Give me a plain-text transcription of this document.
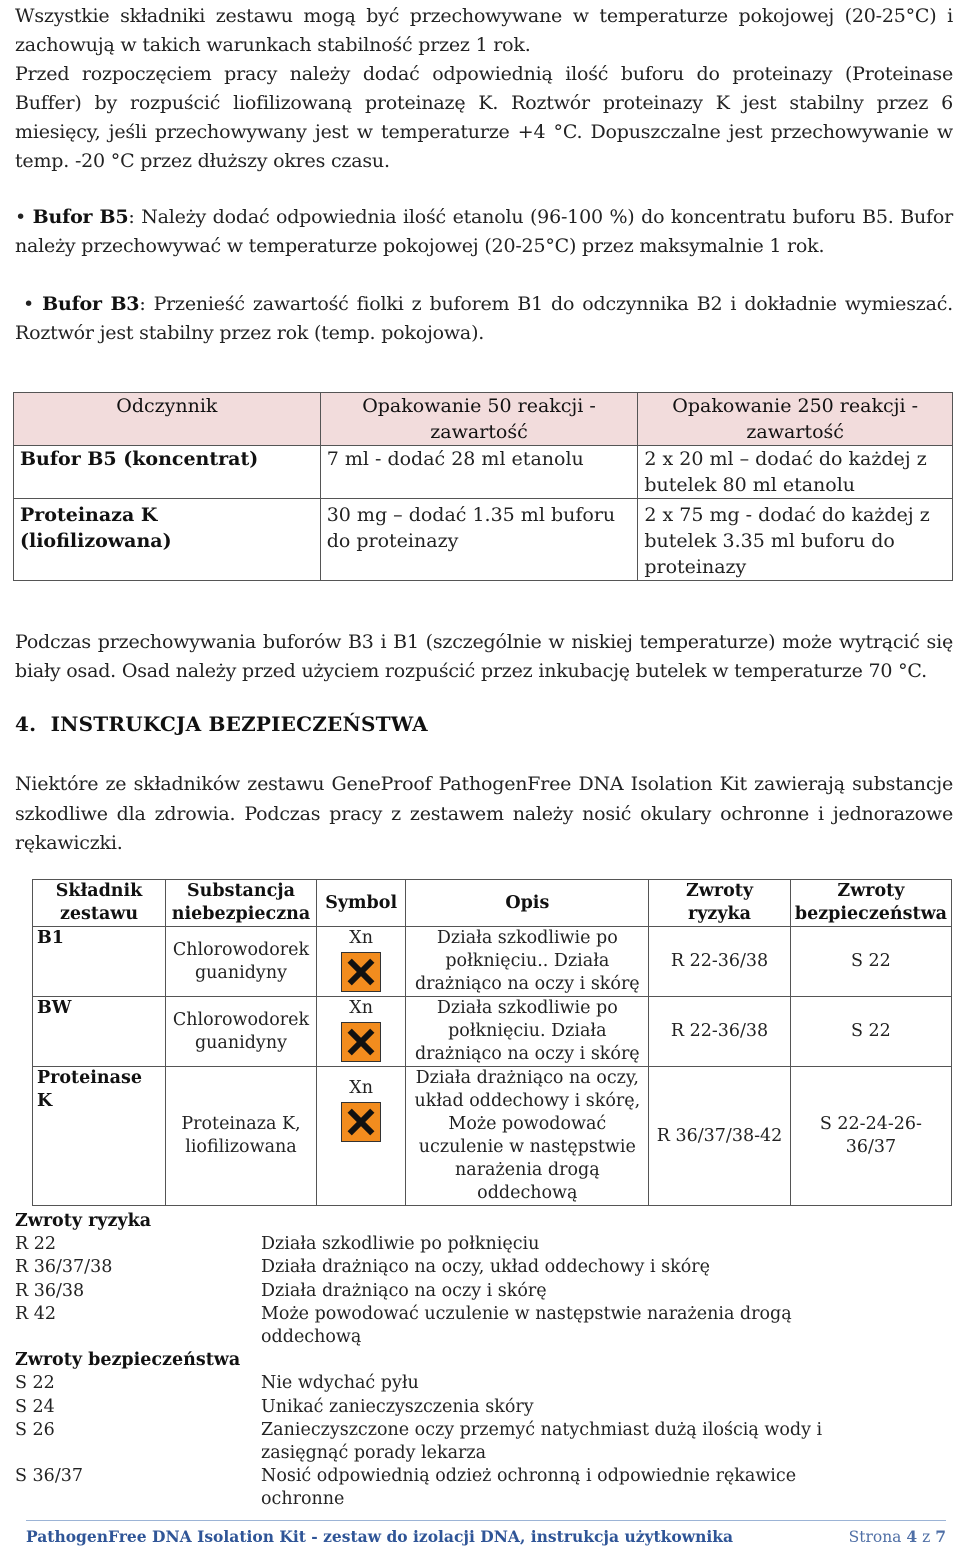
Wszystkie składniki zestawu mogą być przechowywane w temperaturze pokojowej (20-25°C) i zachowują w takich warunkach stabilność przez 1 rok.

Przed rozpoczęciem pracy należy dodać odpowiednią ilość buforu do proteinazy (Proteinase Buffer) by rozpuścić liofilizowaną proteinazę K. Roztwór proteinazy K jest stabilny przez 6 miesięcy, jeśli przechowywany jest w temperaturze +4 °C. Dopuszczalne jest przechowywanie w temp. -20 °C przez dłuższy okres czasu.

• Bufor B5: Należy dodać odpowiednia ilość etanolu (96-100 %) do koncentratu buforu B5. Bufor należy przechowywać w temperaturze pokojowej (20-25°C) przez maksymalnie 1 rok.

• Bufor B3: Przenieść zawartość fiolki z buforem B1 do odczynnika B2 i dokładnie wymieszać. Roztwór jest stabilny przez rok (temp. pokojowa).

Odczynnik	Opakowanie 50 reakcji - zawartość	Opakowanie 250 reakcji - zawartość
Bufor B5 (koncentrat)	7 ml - dodać 28 ml etanolu	2 x 20 ml – dodać do każdej z butelek 80 ml etanolu
Proteinaza K (liofilizowana)	30 mg – dodać 1.35 ml buforu do proteinazy	2 x 75 mg - dodać do każdej z butelek 3.35 ml buforu do proteinazy

Podczas przechowywania buforów B3 i B1 (szczególnie w niskiej temperaturze) może wytrącić się biały osad. Osad należy przed użyciem rozpuścić przez inkubację butelek w temperaturze 70 °C.

4. INSTRUKCJA BEZPIECZEŃSTWA

Niektóre ze składników zestawu GeneProof PathogenFree DNA Isolation Kit zawierają substancje szkodliwe dla zdrowia. Podczas pracy z zestawem należy nosić okulary ochronne i jednorazowe rękawiczki.

Składnik zestawu	Substancja niebezpieczna	Symbol	Opis	Zwroty ryzyka	Zwroty bezpieczeństwa
B1	Chlorowodorek guanidyny	Xn	Działa szkodliwie po połknięciu.. Działa drażniąco na oczy i skórę	R 22-36/38	S 22
BW	Chlorowodorek guanidyny	Xn	Działa szkodliwie po połknięciu. Działa drażniąco na oczy i skórę	R 22-36/38	S 22
Proteinase K	Proteinaza K, liofilizowana	Xn	Działa drażniąco na oczy, układ oddechowy i skórę, Może powodować uczulenie w następstwie narażenia drogą oddechową	R 36/37/38-42	S 22-24-26-36/37
Zwroty ryzyka
R 22	Działa szkodliwie po połknięciu
R 36/37/38	Działa drażniąco na oczy, układ oddechowy i skórę
R 36/38	Działa drażniąco na oczy i skórę
R 42	Może powodować uczulenie w następstwie narażenia drogą oddechową
Zwroty bezpieczeństwa
S 22	Nie wdychać pyłu
S 24	Unikać zanieczyszczenia skóry
S 26	Zanieczyszczone oczy przemyć natychmiast dużą ilością wody i zasięgnąć porady lekarza
S 36/37	Nosić odpowiednią odzież ochronną i odpowiednie rękawice ochronne
PathogenFree DNA Isolation Kit - zestaw do izolacji DNA, instrukcja użytkownika	Strona 4 z 7
